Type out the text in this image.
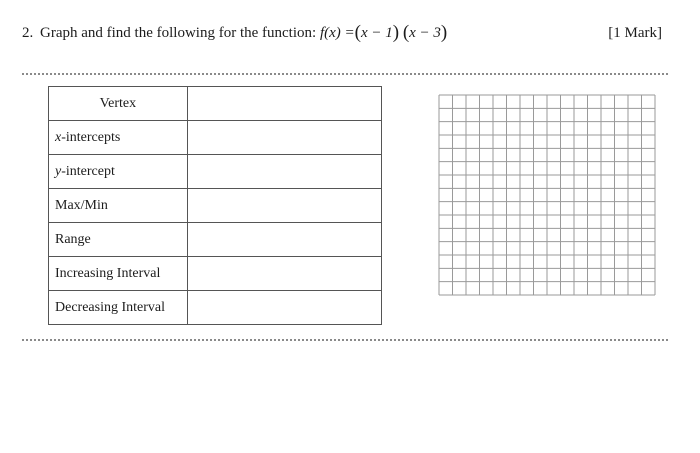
2. Graph and find the following for the function: f(x) =(x − 1) (x − 3)	[1 Mark]
Vertex	
x-intercepts	
y-intercept	
Max/Min	
Range	
Increasing Interval	
Decreasing Interval	
